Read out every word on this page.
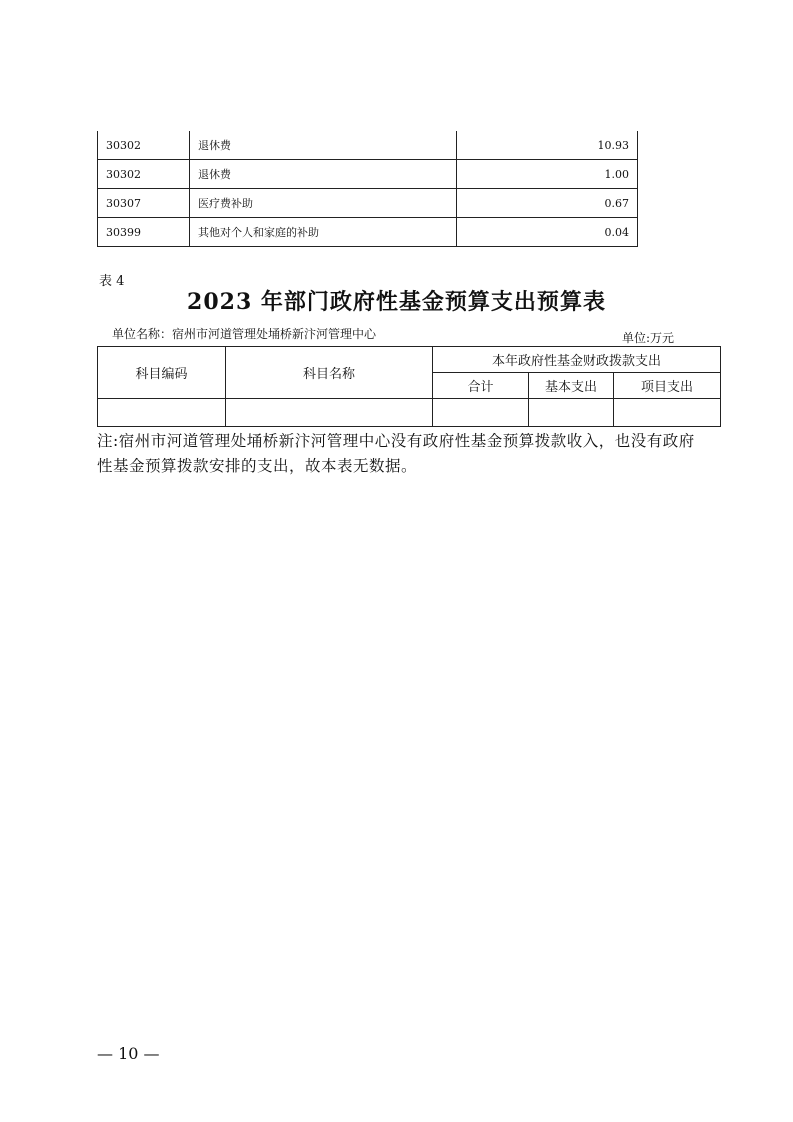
30302	退休费	10.93
30302	退休费	1.00
30307	医疗费补助	0.67
30399	其他对个人和家庭的补助	0.04
表 4
2023 年部门政府性基金预算支出预算表
单位名称：宿州市河道管理处埇桥新汴河管理中心	单位:万元
科目编码	科目名称	本年政府性基金财政拨款支出		
		合计	基本支出	项目支出

注:宿州市河道管理处埇桥新汴河管理中心没有政府性基金预算拨款收入，也没有政府性基金预算拨款安排的支出，故本表无数据。
— 10 —
